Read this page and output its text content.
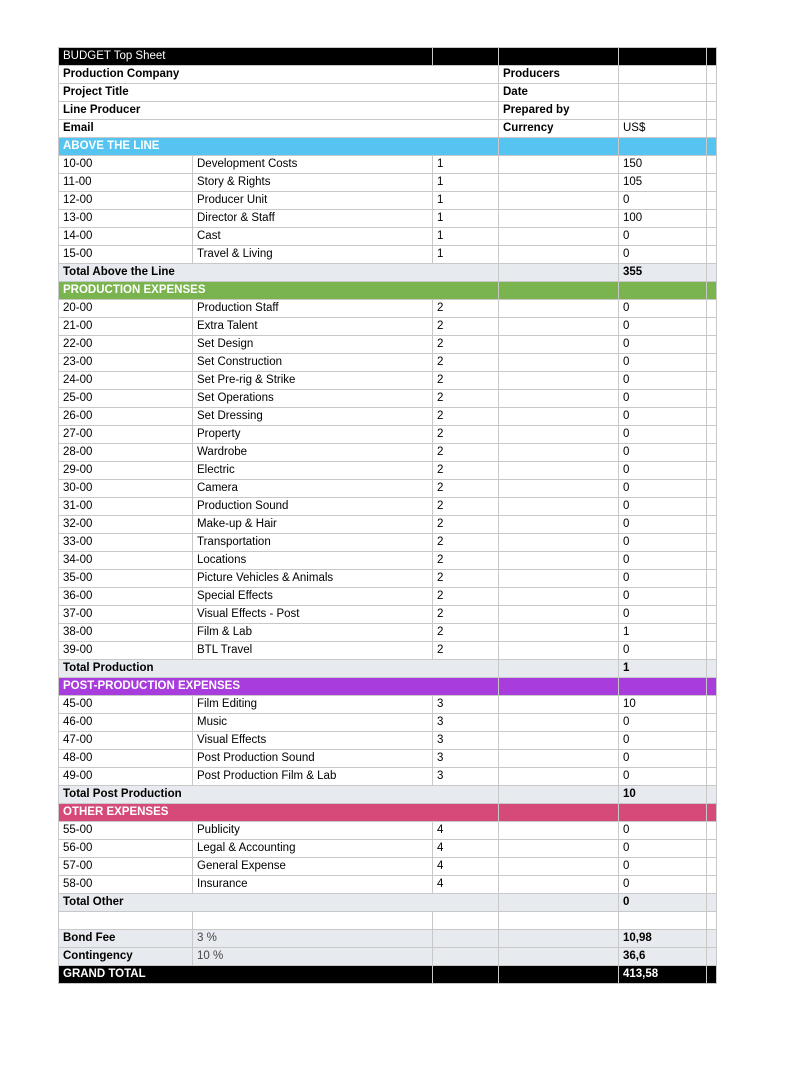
BUDGET Top Sheet					
Production Company			Producers		
Project Title			Date		
Line Producer			Prepared by		
Email			Currency	US$	
ABOVE THE LINE					
10-00	Development Costs	1		150	
11-00	Story & Rights	1		105	
12-00	Producer Unit	1		0	
13-00	Director & Staff	1		100	
14-00	Cast	1		0	
15-00	Travel & Living	1		0	
Total Above the Line				355	
PRODUCTION EXPENSES					
20-00	Production Staff	2		0	
21-00	Extra Talent	2		0	
22-00	Set Design	2		0	
23-00	Set Construction	2		0	
24-00	Set Pre-rig & Strike	2		0	
25-00	Set Operations	2		0	
26-00	Set Dressing	2		0	
27-00	Property	2		0	
28-00	Wardrobe	2		0	
29-00	Electric	2		0	
30-00	Camera	2		0	
31-00	Production Sound	2		0	
32-00	Make-up & Hair	2		0	
33-00	Transportation	2		0	
34-00	Locations	2		0	
35-00	Picture Vehicles & Animals	2		0	
36-00	Special Effects	2		0	
37-00	Visual Effects - Post	2		0	
38-00	Film & Lab	2		1	
39-00	BTL Travel	2		0	
Total Production				1	
POST-PRODUCTION EXPENSES					
45-00	Film Editing	3		10	
46-00	Music	3		0	
47-00	Visual Effects	3		0	
48-00	Post Production Sound	3		0	
49-00	Post Production Film & Lab	3		0	
Total Post Production				10	
OTHER EXPENSES					
55-00	Publicity	4		0	
56-00	Legal & Accounting	4		0	
57-00	General Expense	4		0	
58-00	Insurance	4		0	
Total Other				0	

Bond Fee	3 %			10,98	
Contingency	10 %			36,6	
GRAND TOTAL				413,58	
